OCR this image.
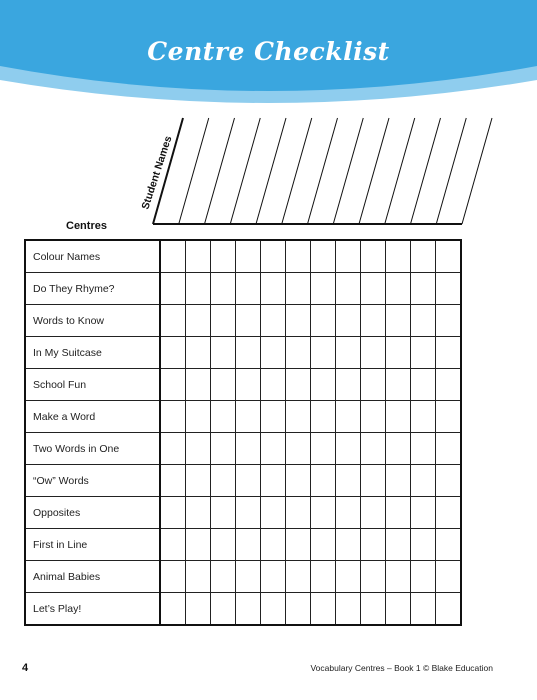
Centre Checklist
Student Names
Centres
Colour Names												
Do They Rhyme?												
Words to Know												
In My Suitcase												
School Fun												
Make a Word												
Two Words in One												
“Ow” Words												
Opposites												
First in Line												
Animal Babies												
Let’s Play!												
4	Vocabulary Centres – Book 1 © Blake Education
